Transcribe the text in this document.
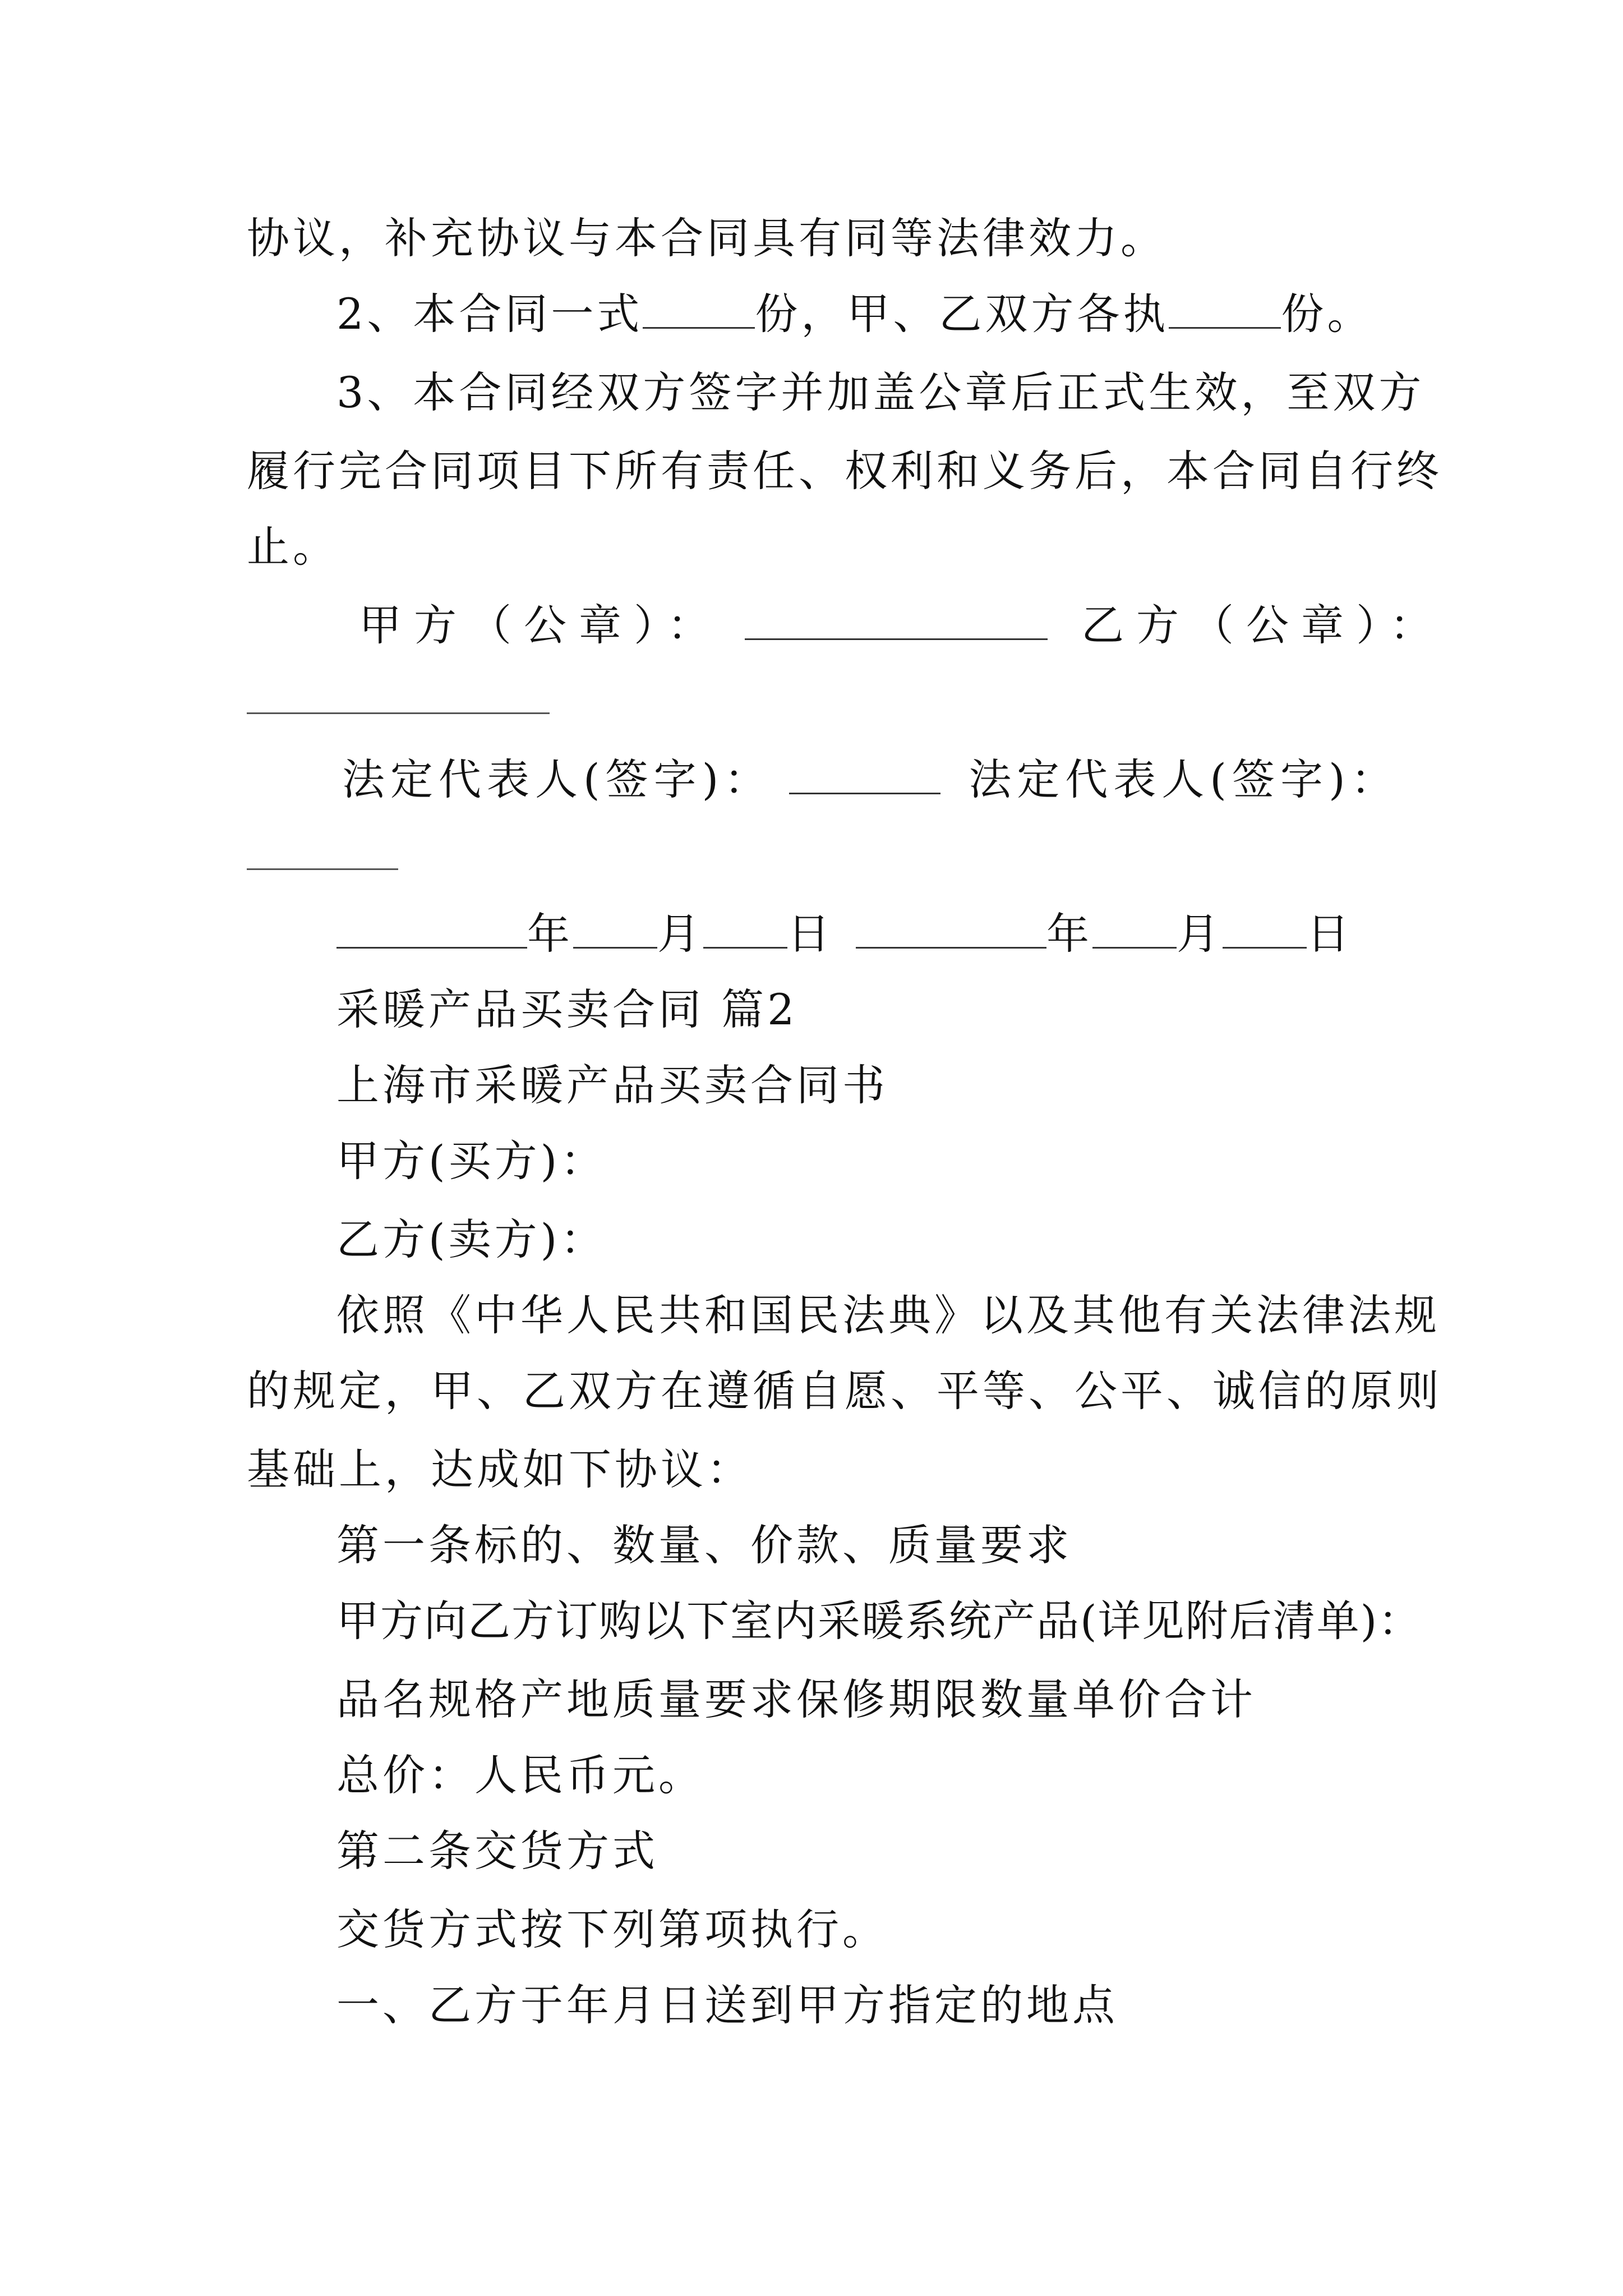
协议，补充协议与本合同具有同等法律效力。
2、本合同一式	份，甲、乙双方各执	份。
3、本合同经双方签字并加盖公章后正式生效，至双方
履行完合同项目下所有责任、权利和义务后，本合同自行终
止。
甲方（公章）：	乙方（公章）：
法定代表人(签字)：	法定代表人(签字)：
年 月 日	年 月 日
采暖产品买卖合同 篇2
上海市采暖产品买卖合同书
甲方(买方)：
乙方(卖方)：
依照《中华人民共和国民法典》以及其他有关法律法规
的规定，甲、乙双方在遵循自愿、平等、公平、诚信的原则
基础上，达成如下协议：
第一条标的、数量、价款、质量要求
甲方向乙方订购以下室内采暖系统产品(详见附后清单)：
品名规格产地质量要求保修期限数量单价合计
总价：人民币元。
第二条交货方式
交货方式按下列第项执行。
一、乙方于年月日送到甲方指定的地点
